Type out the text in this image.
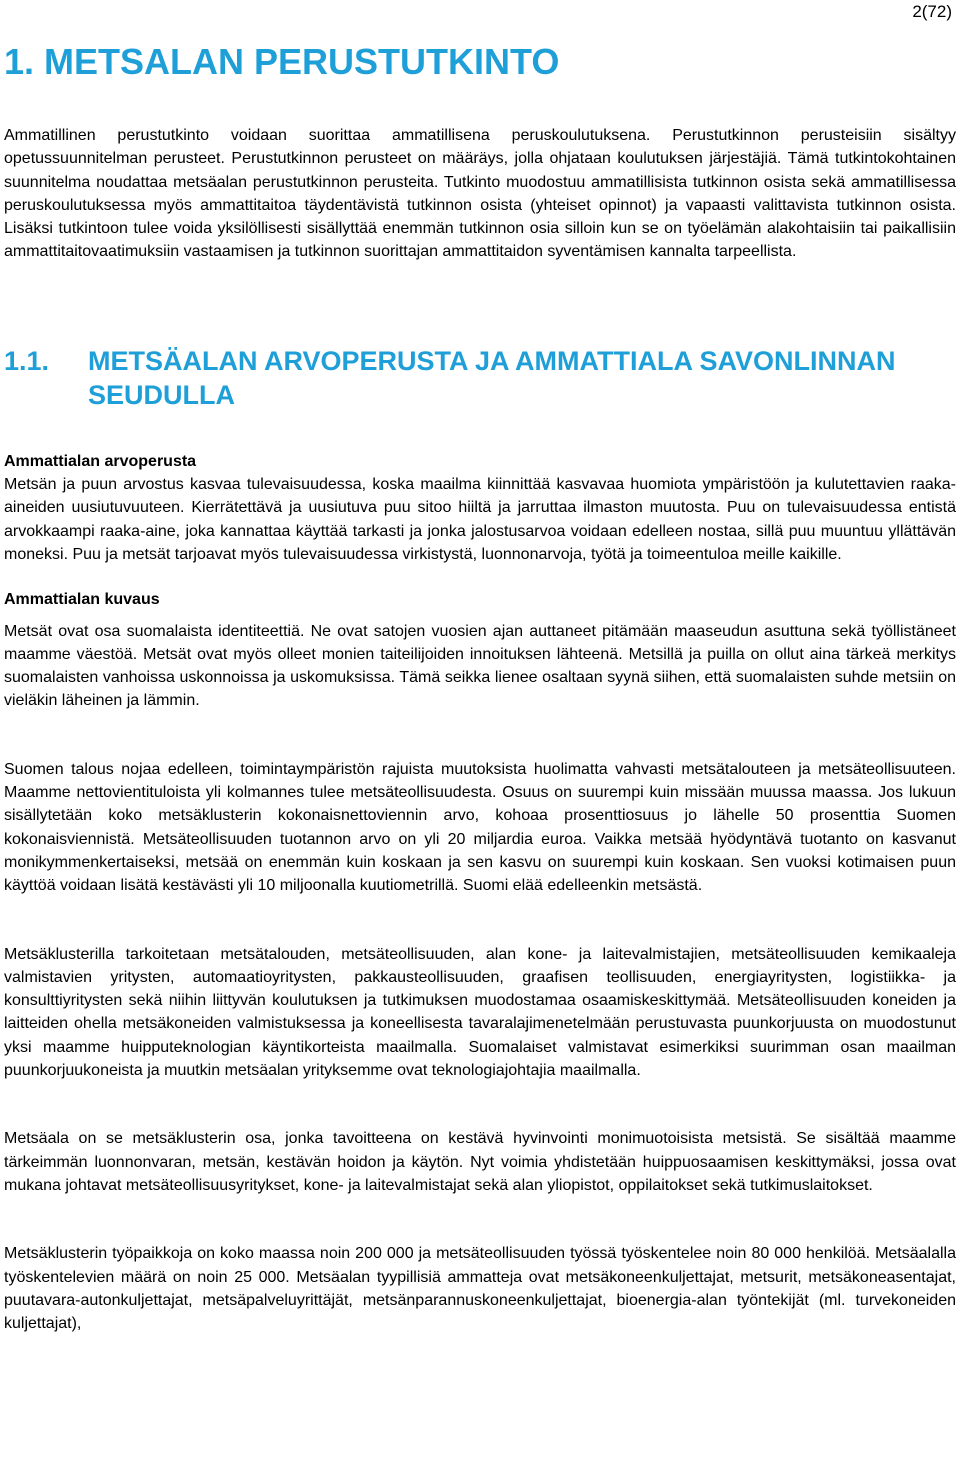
2(72)
1. METSALAN PERUSTUTKINTO

Ammatillinen perustutkinto voidaan suorittaa ammatillisena peruskoulutuksena. Perustutkinnon perusteisiin sisältyy opetussuunnitelman perusteet. Perustutkinnon perusteet on määräys, jolla ohjataan koulutuksen järjestäjiä. Tämä tutkintokohtainen suunnitelma noudattaa metsäalan perustutkinnon perusteita. Tutkinto muodostuu ammatillisista tutkinnon osista sekä ammatillisessa peruskoulutuksessa myös ammattitaitoa täydentävistä tutkinnon osista (yhteiset opinnot) ja vapaasti valittavista tutkinnon osista. Lisäksi tutkintoon tulee voida yksilöllisesti sisällyttää enemmän tutkinnon osia silloin kun se on työelämän alakohtaisiin tai paikallisiin ammattitaitovaatimuksiin vastaamisen ja tutkinnon suorittajan ammattitaidon syventämisen kannalta tarpeellista.

1.1.	METSÄALAN ARVOPERUSTA JA AMMATTIALA SAVONLINNAN SEUDULLA
Ammattialan arvoperusta

Metsän ja puun arvostus kasvaa tulevaisuudessa, koska maailma kiinnittää kasvavaa huomiota ympäristöön ja kulutettavien raaka-aineiden uusiutuvuuteen. Kierrätettävä ja uusiutuva puu sitoo hiiltä ja jarruttaa ilmaston muutosta. Puu on tulevaisuudessa entistä arvokkaampi raaka-aine, joka kannattaa käyttää tarkasti ja jonka jalostusarvoa voidaan edelleen nostaa, sillä puu muuntuu yllättävän moneksi. Puu ja metsät tarjoavat myös tulevaisuudessa virkistystä, luonnonarvoja, työtä ja toimeentuloa meille kaikille.

Ammattialan kuvaus

Metsät ovat osa suomalaista identiteettiä. Ne ovat satojen vuosien ajan auttaneet pitämään maaseudun asuttuna sekä työllistäneet maamme väestöä. Metsät ovat myös olleet monien taiteilijoiden innoituksen lähteenä. Metsillä ja puilla on ollut aina tärkeä merkitys suomalaisten vanhoissa uskonnoissa ja uskomuksissa. Tämä seikka lienee osaltaan syynä siihen, että suomalaisten suhde metsiin on vieläkin läheinen ja lämmin.

Suomen talous nojaa edelleen, toimintaympäristön rajuista muutoksista huolimatta vahvasti metsätalouteen ja metsäteollisuuteen. Maamme nettovientituloista yli kolmannes tulee metsäteollisuudesta. Osuus on suurempi kuin missään muussa maassa. Jos lukuun sisällytetään koko metsäklusterin kokonaisnettoviennin arvo, kohoaa prosenttiosuus jo lähelle 50 prosenttia Suomen kokonaisviennistä. Metsäteollisuuden tuotannon arvo on yli 20 miljardia euroa. Vaikka metsää hyödyntävä tuotanto on kasvanut monikymmenkertaiseksi, metsää on enemmän kuin koskaan ja sen kasvu on suurempi kuin koskaan. Sen vuoksi kotimaisen puun käyttöä voidaan lisätä kestävästi yli 10 miljoonalla kuutiometrillä. Suomi elää edelleenkin metsästä.

Metsäklusterilla tarkoitetaan metsätalouden, metsäteollisuuden, alan kone- ja laitevalmistajien, metsäteollisuuden kemikaaleja valmistavien yritysten, automaatioyritysten, pakkausteollisuuden, graafisen teollisuuden, energiayritysten, logistiikka- ja konsulttiyritysten sekä niihin liittyvän koulutuksen ja tutkimuksen muodostamaa osaamiskeskittymää. Metsäteollisuuden koneiden ja laitteiden ohella metsäkoneiden valmistuksessa ja koneellisesta tavaralajimenetelmään perustuvasta puunkorjuusta on muodostunut yksi maamme huipputeknologian käyntikorteista maailmalla. Suomalaiset valmistavat esimerkiksi suurimman osan maailman puunkorjuukoneista ja muutkin metsäalan yrityksemme ovat teknologiajohtajia maailmalla.

Metsäala on se metsäklusterin osa, jonka tavoitteena on kestävä hyvinvointi monimuotoisista metsistä. Se sisältää maamme tärkeimmän luonnonvaran, metsän, kestävän hoidon ja käytön. Nyt voimia yhdistetään huippuosaamisen keskittymäksi, jossa ovat mukana johtavat metsäteollisuusyritykset, kone- ja laitevalmistajat sekä alan yliopistot, oppilaitokset sekä tutkimuslaitokset.

Metsäklusterin työpaikkoja on koko maassa noin 200 000 ja metsäteollisuuden työssä työskentelee noin 80 000 henkilöä. Metsäalalla työskentelevien määrä on noin 25 000. Metsäalan tyypillisiä ammatteja ovat metsäkoneenkuljettajat, metsurit, metsäkoneasentajat, puutavara-autonkuljettajat, metsäpalveluyrittäjät, metsänparannuskoneenkuljettajat, bioenergia-alan työntekijät (ml. turvekoneiden kuljettajat),
